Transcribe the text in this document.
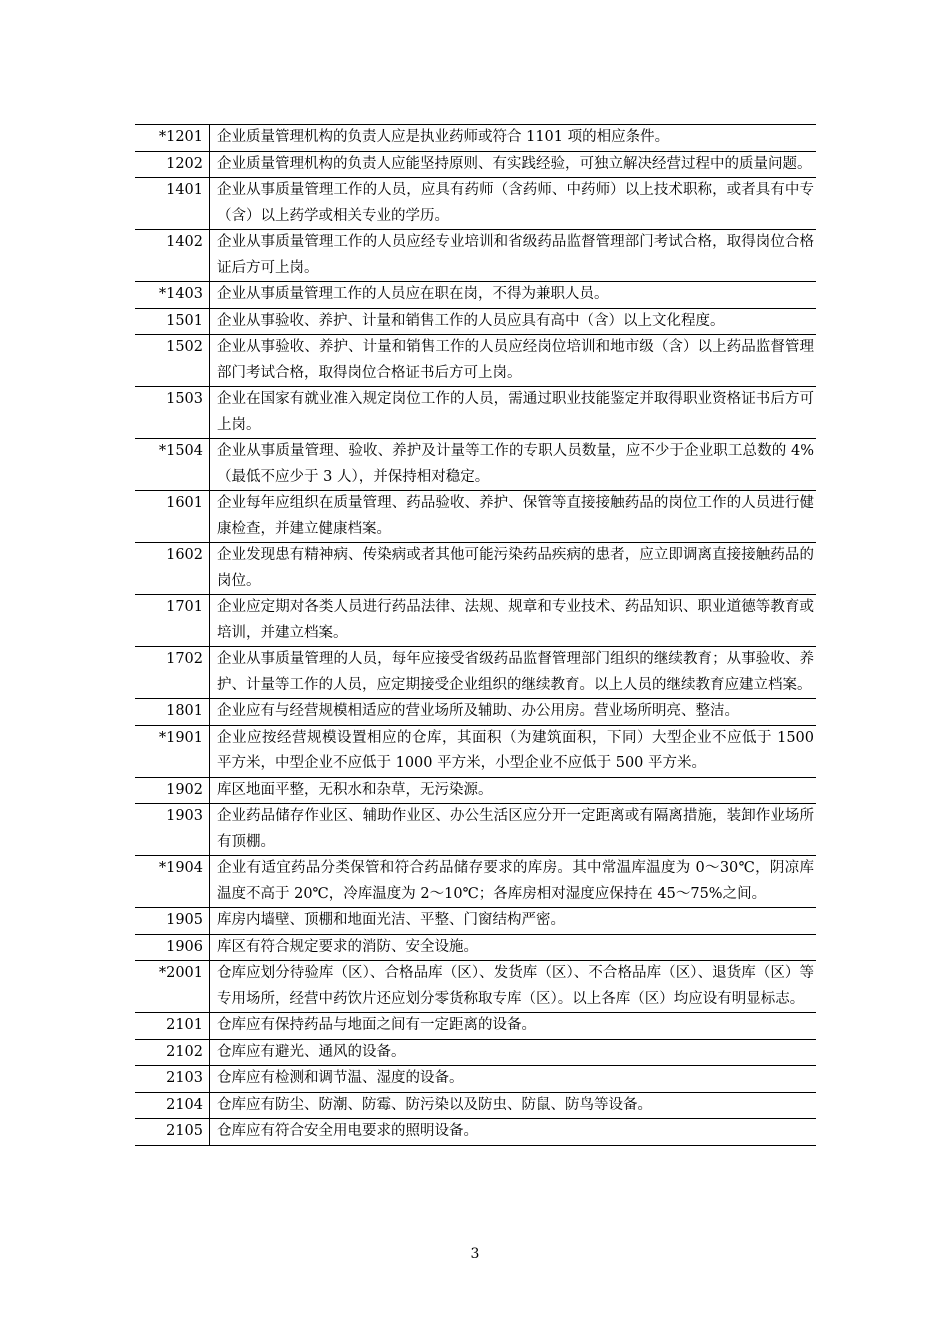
*1201	企业质量管理机构的负责人应是执业药师或符合 1101 项的相应条件。
1202	企业质量管理机构的负责人应能坚持原则、有实践经验，可独立解决经营过程中的质量问题。
1401	企业从事质量管理工作的人员，应具有药师（含药师、中药师）以上技术职称，或者具有中专（含）以上药学或相关专业的学历。
1402	企业从事质量管理工作的人员应经专业培训和省级药品监督管理部门考试合格，取得岗位合格证后方可上岗。
*1403	企业从事质量管理工作的人员应在职在岗，不得为兼职人员。
1501	企业从事验收、养护、计量和销售工作的人员应具有高中（含）以上文化程度。
1502	企业从事验收、养护、计量和销售工作的人员应经岗位培训和地市级（含）以上药品监督管理部门考试合格，取得岗位合格证书后方可上岗。
1503	企业在国家有就业准入规定岗位工作的人员，需通过职业技能鉴定并取得职业资格证书后方可上岗。
*1504	企业从事质量管理、验收、养护及计量等工作的专职人员数量，应不少于企业职工总数的 4%（最低不应少于 3 人），并保持相对稳定。
1601	企业每年应组织在质量管理、药品验收、养护、保管等直接接触药品的岗位工作的人员进行健康检查，并建立健康档案。
1602	企业发现患有精神病、传染病或者其他可能污染药品疾病的患者，应立即调离直接接触药品的岗位。
1701	企业应定期对各类人员进行药品法律、法规、规章和专业技术、药品知识、职业道德等教育或培训，并建立档案。
1702	企业从事质量管理的人员，每年应接受省级药品监督管理部门组织的继续教育；从事验收、养护、计量等工作的人员，应定期接受企业组织的继续教育。以上人员的继续教育应建立档案。
1801	企业应有与经营规模相适应的营业场所及辅助、办公用房。营业场所明亮、整洁。
*1901	企业应按经营规模设置相应的仓库，其面积（为建筑面积，下同）大型企业不应低于 1500 平方米，中型企业不应低于 1000 平方米，小型企业不应低于 500 平方米。
1902	库区地面平整，无积水和杂草，无污染源。
1903	企业药品储存作业区、辅助作业区、办公生活区应分开一定距离或有隔离措施，装卸作业场所有顶棚。
*1904	企业有适宜药品分类保管和符合药品储存要求的库房。其中常温库温度为 0～30℃，阴凉库温度不高于 20℃，冷库温度为 2～10℃；各库房相对湿度应保持在 45～75%之间。
1905	库房内墙壁、顶棚和地面光洁、平整、门窗结构严密。
1906	库区有符合规定要求的消防、安全设施。
*2001	仓库应划分待验库（区）、合格品库（区）、发货库（区）、不合格品库（区）、退货库（区）等专用场所，经营中药饮片还应划分零货称取专库（区）。以上各库（区）均应设有明显标志。
2101	仓库应有保持药品与地面之间有一定距离的设备。
2102	仓库应有避光、通风的设备。
2103	仓库应有检测和调节温、湿度的设备。
2104	仓库应有防尘、防潮、防霉、防污染以及防虫、防鼠、防鸟等设备。
2105	仓库应有符合安全用电要求的照明设备。
3
